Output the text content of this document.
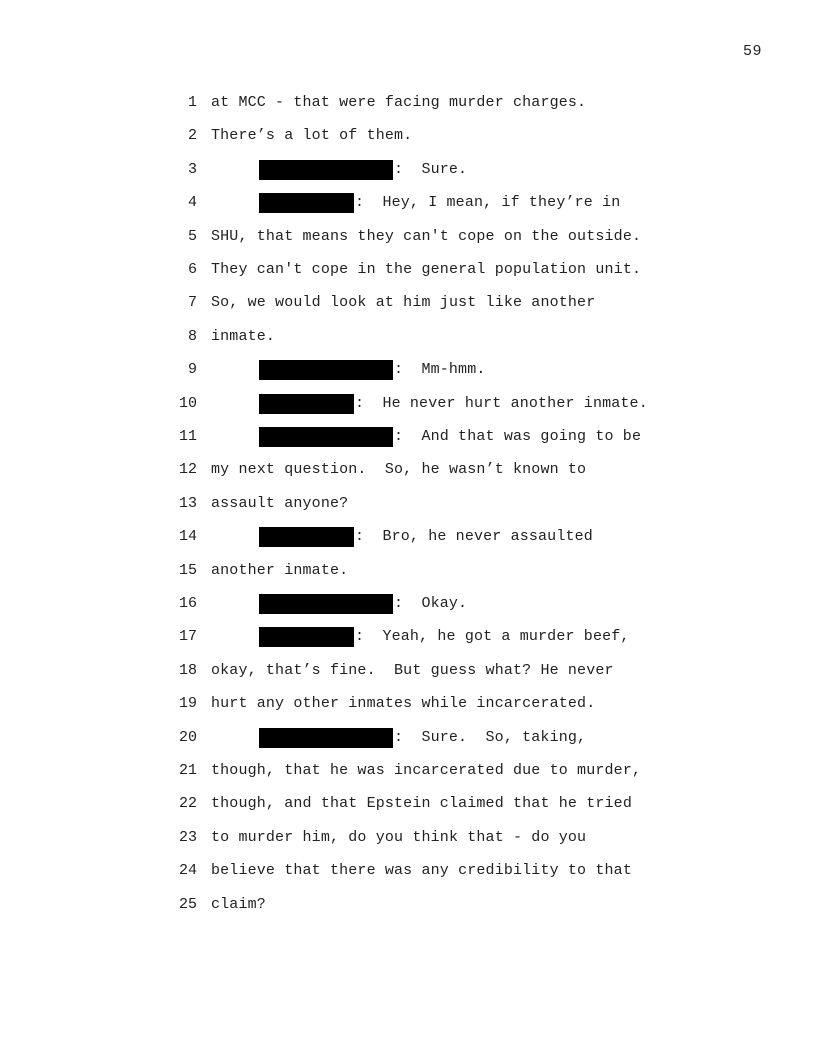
59
1 at MCC - that were facing murder charges.
2 There’s a lot of them.
3	:  Sure.
4	:  Hey, I mean, if they’re in
5 SHU, that means they can't cope on the outside.
6 They can't cope in the general population unit.
7 So, we would look at him just like another
8 inmate.
9	:  Mm-hmm.
10	:  He never hurt another inmate.
11	:  And that was going to be
12 my next question.  So, he wasn’t known to
13 assault anyone?
14	:  Bro, he never assaulted
15 another inmate.
16	:  Okay.
17	:  Yeah, he got a murder beef,
18 okay, that’s fine.  But guess what? He never
19 hurt any other inmates while incarcerated.
20	:  Sure.  So, taking,
21 though, that he was incarcerated due to murder,
22 though, and that Epstein claimed that he tried
23 to murder him, do you think that - do you
24 believe that there was any credibility to that
25 claim?
